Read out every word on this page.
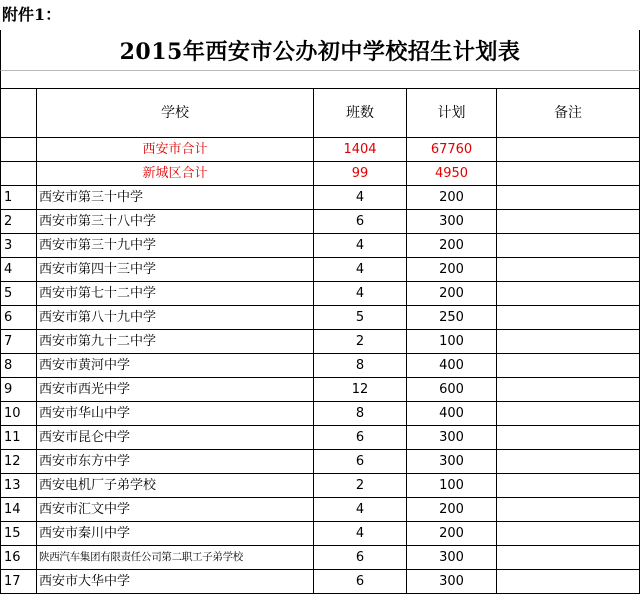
附件1：
2015年西安市公办初中学校招生计划表
	学校	班数	计划	备注
	西安市合计	1404	67760	
	新城区合计	99	4950	
1	西安市第三十中学	4	200	
2	西安市第三十八中学	6	300	
3	西安市第三十九中学	4	200	
4	西安市第四十三中学	4	200	
5	西安市第七十二中学	4	200	
6	西安市第八十九中学	5	250	
7	西安市第九十二中学	2	100	
8	西安市黄河中学	8	400	
9	西安市西光中学	12	600	
10	西安市华山中学	8	400	
11	西安市昆仑中学	6	300	
12	西安市东方中学	6	300	
13	西安电机厂子弟学校	2	100	
14	西安市汇文中学	4	200	
15	西安市秦川中学	4	200	
16	陕西汽车集团有限责任公司第二职工子弟学校	6	300	
17	西安市大华中学	6	300	
